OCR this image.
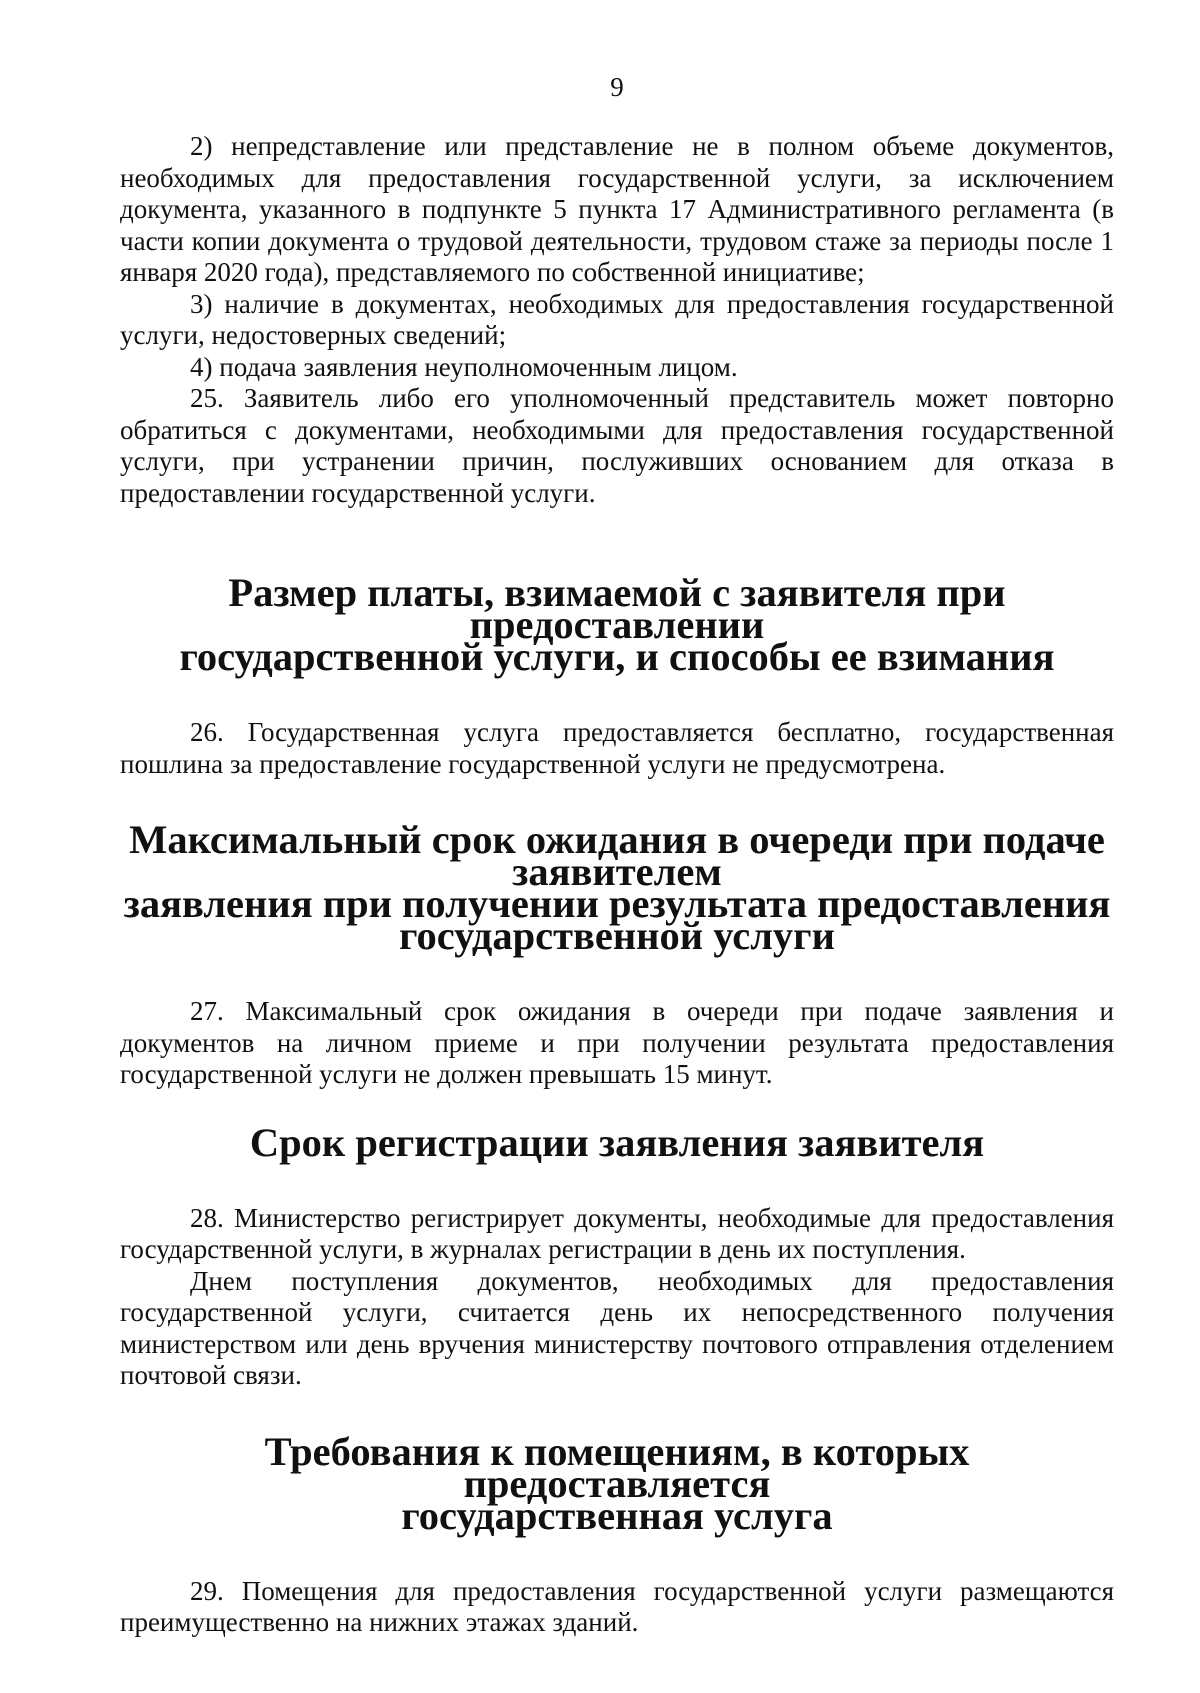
9

2) непредставление или представление не в полном объеме документов, необходимых для предоставления государственной услуги, за исключением документа, указанного в подпункте 5 пункта 17 Административного регламента (в части копии документа о трудовой деятельности, трудовом стаже за периоды после 1 января 2020 года), представляемого по собственной инициативе;

3) наличие в документах, необходимых для предоставления государственной услуги, недостоверных сведений;

4) подача заявления неуполномоченным лицом.

25. Заявитель либо его уполномоченный представитель может повторно обратиться с документами, необходимыми для предоставления государственной услуги, при устранении причин, послуживших основанием для отказа в предоставлении государственной услуги.

Размер платы, взимаемой с заявителя при предоставлении
государственной услуги, и способы ее взимания

26. Государственная услуга предоставляется бесплатно, государственная пошлина за предоставление государственной услуги не предусмотрена.

Максимальный срок ожидания в очереди при подаче заявителем
заявления при получении результата предоставления
государственной услуги

27. Максимальный срок ожидания в очереди при подаче заявления и документов на личном приеме и при получении результата предоставления государственной услуги не должен превышать 15 минут.

Срок регистрации заявления заявителя

28. Министерство регистрирует документы, необходимые для предоставления государственной услуги, в журналах регистрации в день их поступления.

Днем поступления документов, необходимых для предоставления государственной услуги, считается день их непосредственного получения министерством или день вручения министерству почтового отправления отделением почтовой связи.

Требования к помещениям, в которых предоставляется
государственная услуга

29. Помещения для предоставления государственной услуги размещаются преимущественно на нижних этажах зданий.
